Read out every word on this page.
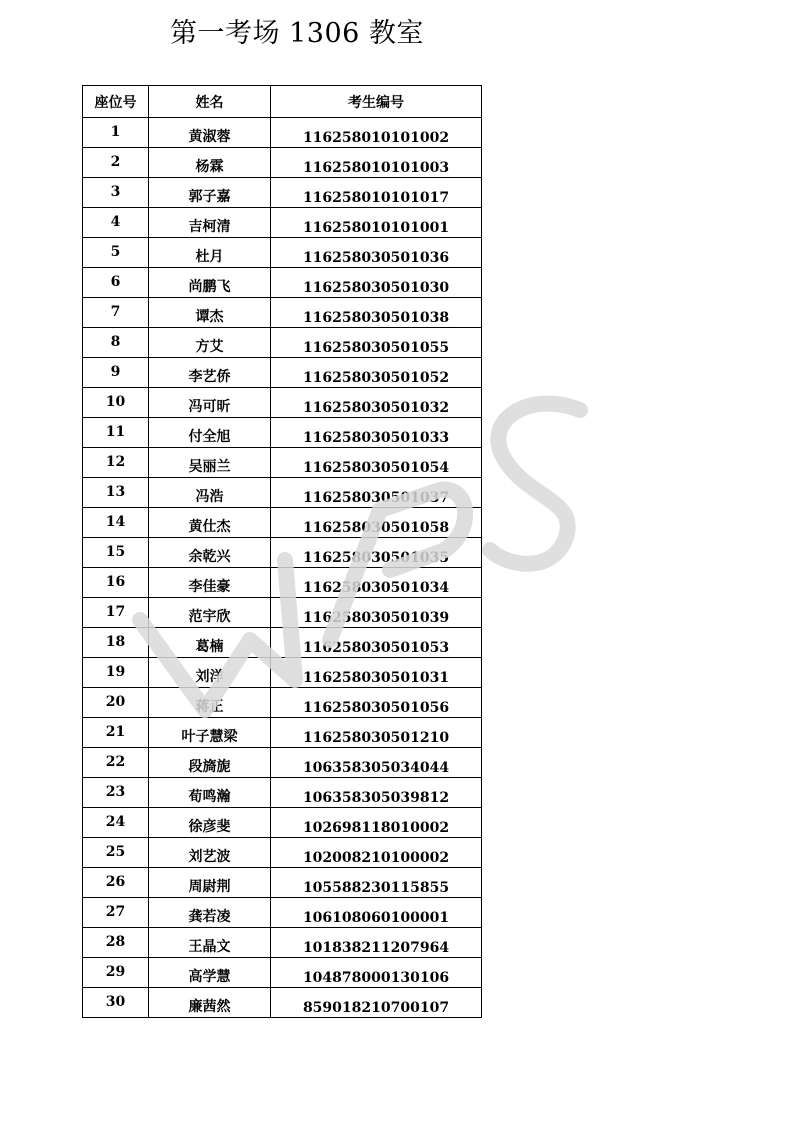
第一考场 1306 教室
座位号	姓名	考生编号
1	黄淑蓉	116258010101002
2	杨霖	116258010101003
3	郭子嘉	116258010101017
4	吉柯清	116258010101001
5	杜月	116258030501036
6	尚鹏飞	116258030501030
7	谭杰	116258030501038
8	方艾	116258030501055
9	李艺侨	116258030501052
10	冯可昕	116258030501032
11	付全旭	116258030501033
12	吴丽兰	116258030501054
13	冯浩	116258030501037
14	黄仕杰	116258030501058
15	余乾兴	116258030501035
16	李佳豪	116258030501034
17	范宇欣	116258030501039
18	葛楠	116258030501053
19	刘洋	116258030501031
20	蒋正	116258030501056
21	叶子慧梁	116258030501210
22	段旖旎	106358305034044
23	荀鸣瀚	106358305039812
24	徐彦斐	102698118010002
25	刘艺波	102008210100002
26	周尉荆	105588230115855
27	龚若凌	106108060100001
28	王晶文	101838211207964
29	高学慧	104878000130106
30	廉茜然	859018210700107
